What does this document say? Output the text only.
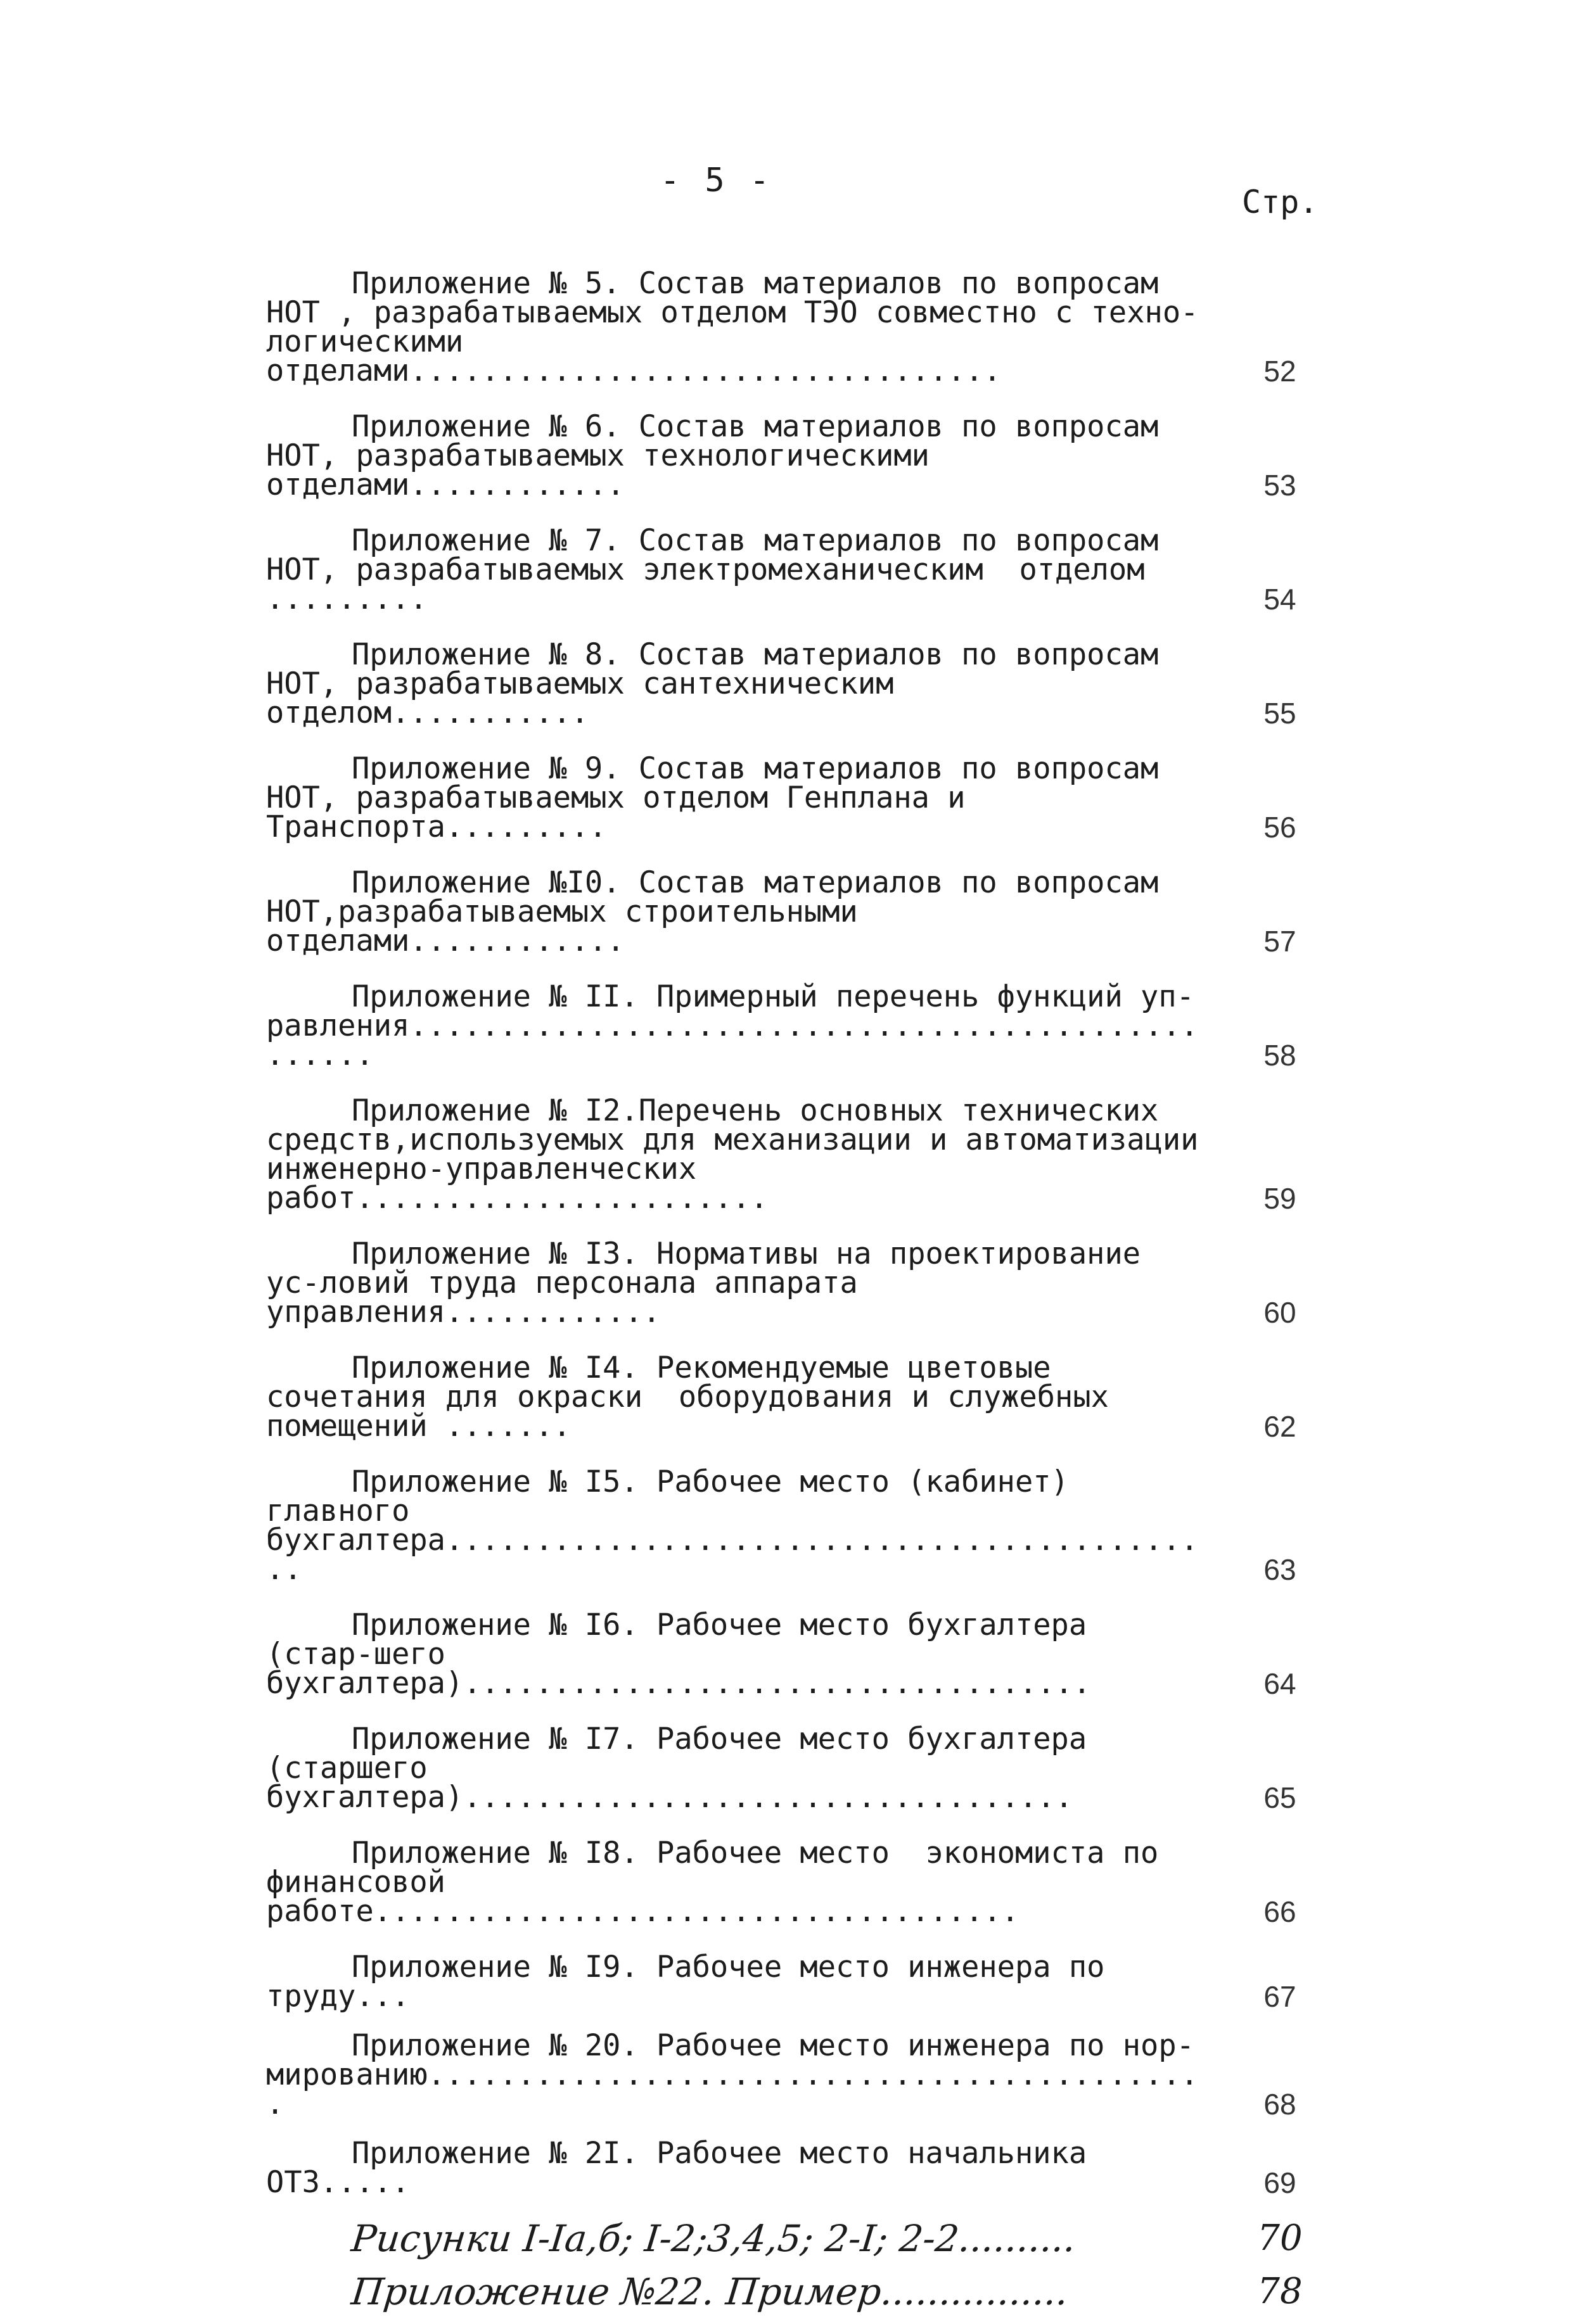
- 5 -
Стр.
Приложение № 5. Состав материалов по вопросам НОТ , разрабатываемых отделом ТЭО совместно с техно-логическими отделами.................................	52
Приложение № 6. Состав материалов по вопросам НОТ, разрабатываемых технологическими отделами............	53
Приложение № 7. Состав материалов по вопросам НОТ, разрабатываемых электромеханическим  отделом .........	54
Приложение № 8. Состав материалов по вопросам НОТ, разрабатываемых сантехническим отделом...........	55
Приложение № 9. Состав материалов по вопросам НОТ, разрабатываемых отделом Генплана и Транспорта.........	56
Приложение №I0. Состав материалов по вопросам НОТ,разрабатываемых строительными отделами............	57
Приложение № II. Примерный перечень функций уп-равления..................................................	58
Приложение № I2.Перечень основных технических средств,используемых для механизации и автоматизации инженерно-управленческих работ.......................	59
Приложение № I3. Нормативы на проектирование ус-ловий труда персонала аппарата управления............	60
Приложение № I4. Рекомендуемые цветовые сочетания для окраски  оборудования и служебных помещений .......	62
Приложение № I5. Рабочее место (кабинет) главного бухгалтера............................................	63
Приложение № I6. Рабочее место бухгалтера (стар-шего бухгалтера)...................................	64
Приложение № I7. Рабочее место бухгалтера (старшего бухгалтера)..................................	65
Приложение № I8. Рабочее место  экономиста по финансовой работе....................................	66
Приложение № I9. Рабочее место инженера по труду...	67
Приложение № 20. Рабочее место инженера по нор-мированию............................................	68
Приложение № 2I. Рабочее место начальника ОТЗ.....	69
Рисунки I-Iа,б; I-2;3,4,5; 2-I; 2-2..........	70
Приложение №22. Пример................	78
